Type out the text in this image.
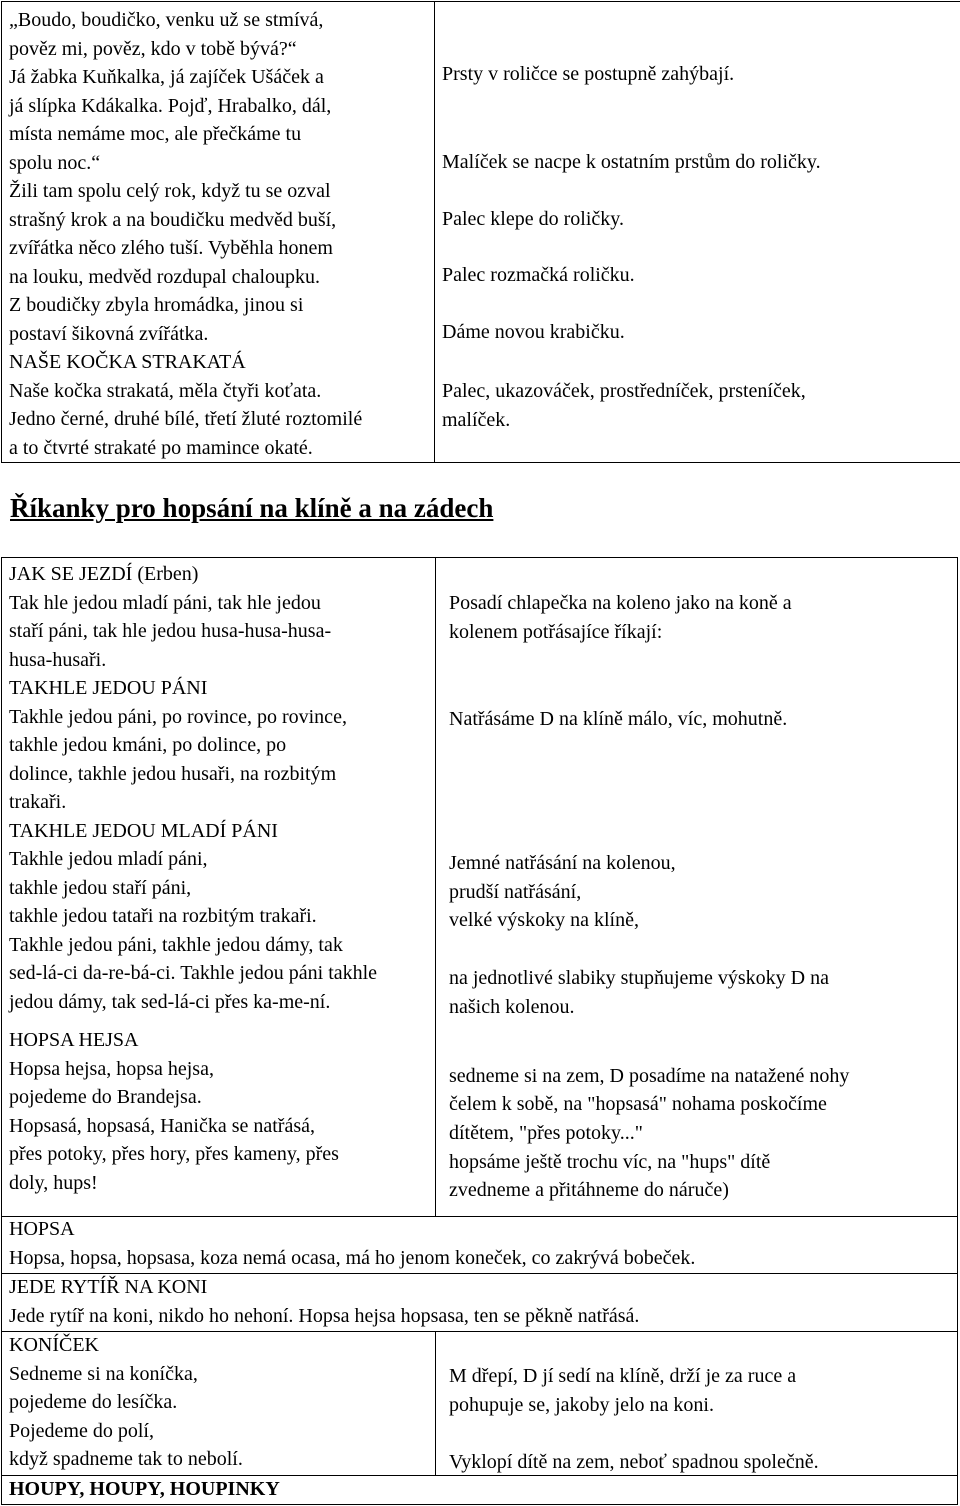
„Boudo, boudičko, venku už se stmívá,
pověz mi, pověz, kdo v tobě bývá?“
Já žabka Kuňkalka, já zajíček Ušáček a
já slípka Kdákalka. Pojď, Hrabalko, dál,
místa nemáme moc, ale přečkáme tu
spolu noc.“
Žili tam spolu celý rok, když tu se ozval
strašný krok a na boudičku medvěd buší,
zvířátka něco zlého tuší. Vyběhla honem
na louku, medvěd rozdupal chaloupku.
Z boudičky zbyla hromádka, jinou si
postaví šikovná zvířátka.
NAŠE KOČKA STRAKATÁ
Naše kočka strakatá, měla čtyři koťata.
Jedno černé, druhé bílé, třetí žluté roztomilé
a to čtvrté strakaté po mamince okaté.
Prsty v roličce se postupně zahýbají.
Malíček se nacpe k ostatním prstům do roličky.
Palec klepe do roličky.
Palec rozmačká roličku.
Dáme novou krabičku.
Palec, ukazováček, prostředníček, prsteníček,
malíček.
Říkanky pro hopsání na klíně a na zádech
JAK SE JEZDÍ (Erben)
Tak hle jedou mladí páni, tak hle jedou
staří páni, tak hle jedou husa-husa-husa-
husa-husaři.
TAKHLE JEDOU PÁNI
Takhle jedou páni, po rovince, po rovince,
takhle jedou kmáni, po dolince, po
dolince, takhle jedou husaři, na rozbitým
trakaři.
TAKHLE JEDOU MLADÍ PÁNI
Takhle jedou mladí páni,
takhle jedou staří páni,
takhle jedou tataři na rozbitým trakaři.
Takhle jedou páni, takhle jedou dámy, tak
sed-lá-ci da-re-bá-ci. Takhle jedou páni takhle
jedou dámy, tak sed-lá-ci přes ka-me-ní.
HOPSA HEJSA
Hopsa hejsa, hopsa hejsa,
pojedeme do Brandejsa.
Hopsasá, hopsasá, Hanička se natřásá,
přes potoky, přes hory, přes kameny, přes
doly, hups!
Posadí chlapečka na koleno jako na koně a
kolenem potřásajíce říkají:
Natřásáme D na klíně málo, víc, mohutně.
Jemné natřásání na kolenou,
prudší natřásání,
velké výskoky na klíně,
na jednotlivé slabiky stupňujeme výskoky D na
našich kolenou.
sedneme si na zem, D posadíme na natažené nohy
čelem k sobě, na "hopsasá" nohama poskočíme
dítětem, "přes potoky..."
hopsáme ještě trochu víc, na "hups" dítě
zvedneme a přitáhneme do náruče)
HOPSA
Hopsa, hopsa, hopsasa, koza nemá ocasa, má ho jenom koneček, co zakrývá bobeček.
JEDE RYTÍŘ NA KONI
Jede rytíř na koni, nikdo ho nehoní. Hopsa hejsa hopsasa, ten se pěkně natřásá.
KONÍČEK
Sedneme si na koníčka,
pojedeme do lesíčka.
Pojedeme do polí,
když spadneme tak to nebolí.
M dřepí, D jí sedí na klíně, drží je za ruce a
pohupuje se, jakoby jelo na koni.
Vyklopí dítě na zem, neboť spadnou společně.
HOUPY, HOUPY, HOUPINKY
